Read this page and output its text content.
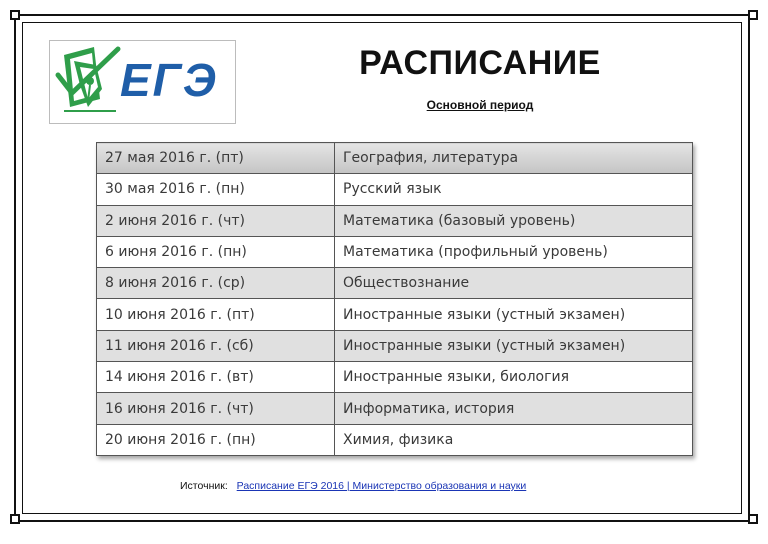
ЕГЭ	РАСПИСАНИЕ
Основной период
27 мая 2016 г. (пт)	География, литература
30 мая 2016 г. (пн)	Русский язык
2 июня 2016 г. (чт)	Математика (базовый уровень)
6 июня 2016 г. (пн)	Математика (профильный уровень)
8 июня 2016 г. (ср)	Обществознание
10 июня 2016 г. (пт)	Иностранные языки (устный экзамен)
11 июня 2016 г. (сб)	Иностранные языки (устный экзамен)
14 июня 2016 г. (вт)	Иностранные языки, биология
16 июня 2016 г. (чт)	Информатика, история
20 июня 2016 г. (пн)	Химия, физика
Источник: Расписание ЕГЭ 2016 | Министерство образования и науки
